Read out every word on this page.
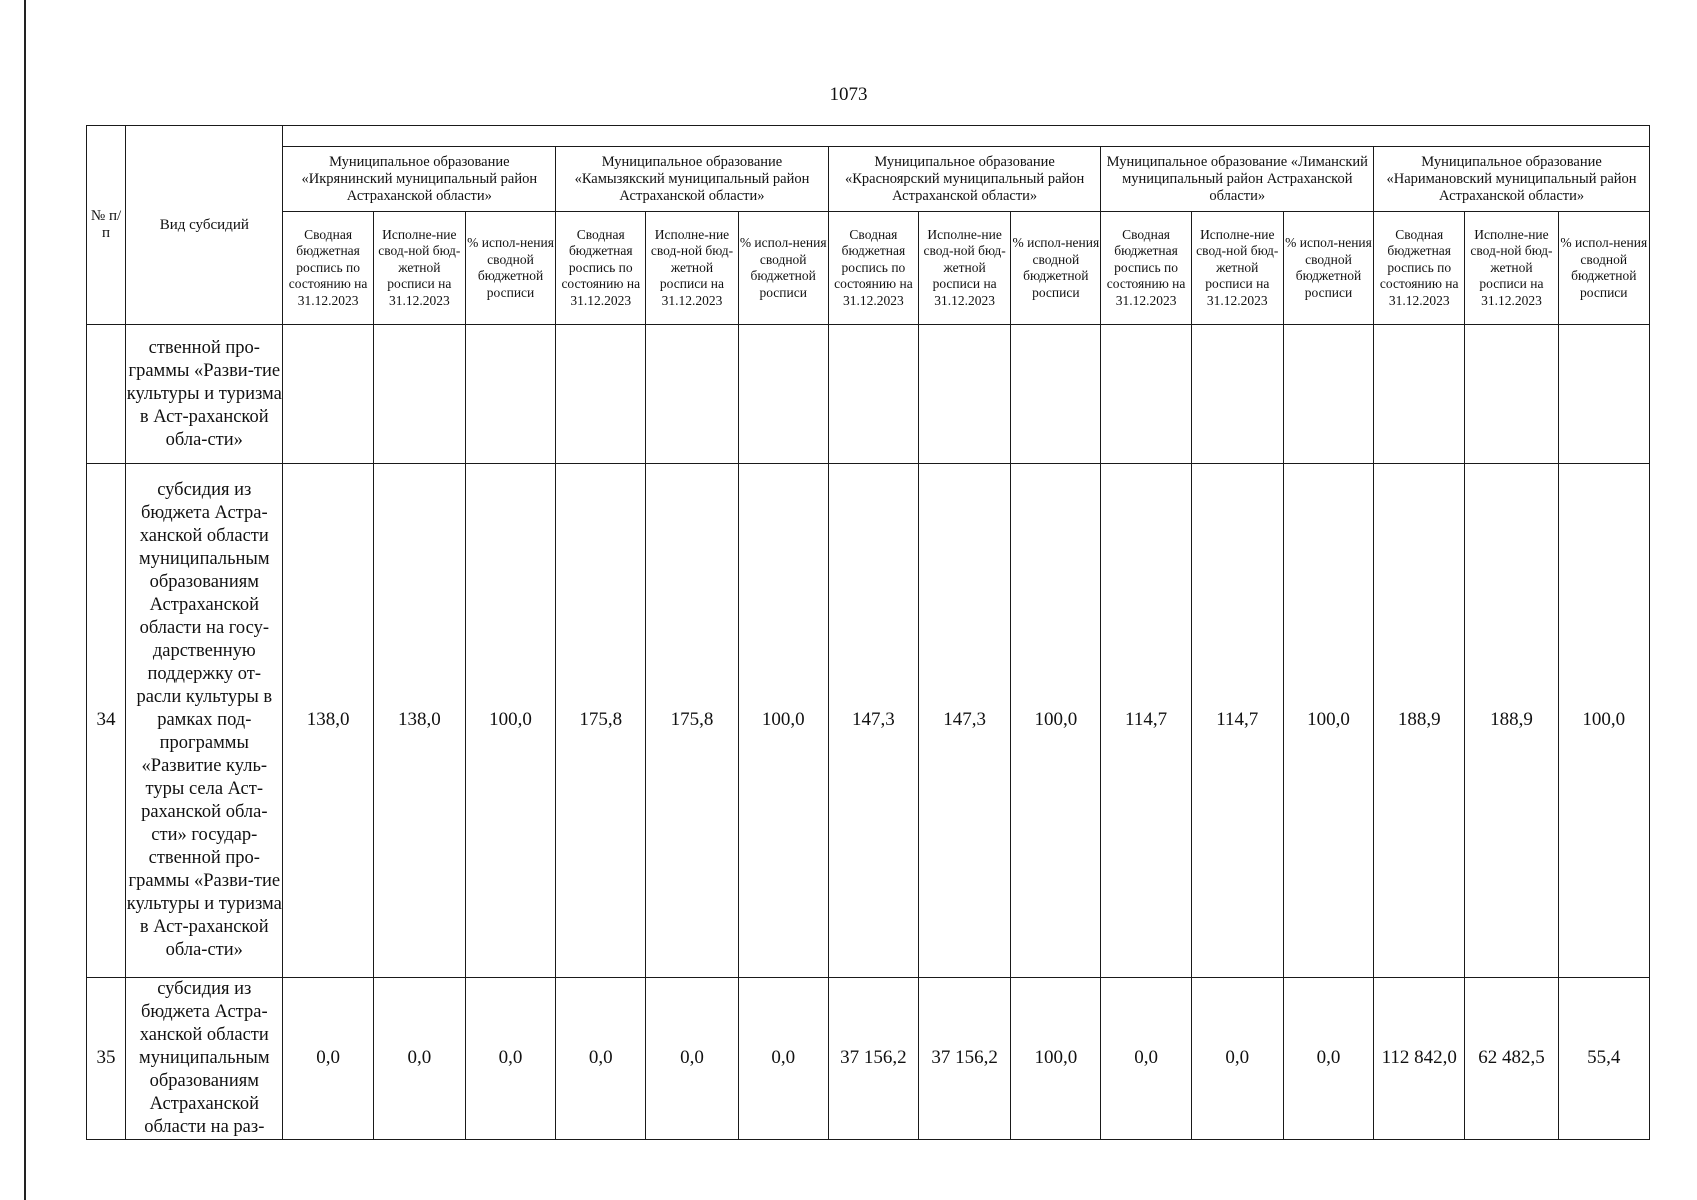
1073
№ п/п	Вид субсидий															
		Муниципальное образование «Икрянинский муниципальный район Астраханской области»			Муниципальное образование «Камызякский муниципальный район Астраханской области»			Муниципальное образование «Красноярский муниципальный район Астраханской области»			Муниципальное образование «Лиманский муниципальный район Астраханской области»			Муниципальное образование «Наримановский муниципальный район Астраханской области»		
		Сводная бюджетная роспись по состоянию на 31.12.2023	Исполне-ние свод-ной бюд-жетной росписи на 31.12.2023	% испол-нения сводной бюджетной росписи	Сводная бюджетная роспись по состоянию на 31.12.2023	Исполне-ние свод-ной бюд-жетной росписи на 31.12.2023	% испол-нения сводной бюджетной росписи	Сводная бюджетная роспись по состоянию на 31.12.2023	Исполне-ние свод-ной бюд-жетной росписи на 31.12.2023	% испол-нения сводной бюджетной росписи	Сводная бюджетная роспись по состоянию на 31.12.2023	Исполне-ние свод-ной бюд-жетной росписи на 31.12.2023	% испол-нения сводной бюджетной росписи	Сводная бюджетная роспись по состоянию на 31.12.2023	Исполне-ние свод-ной бюд-жетной росписи на 31.12.2023	% испол-нения сводной бюджетной росписи
	ственной про-граммы «Разви-тие культуры и туризма в Аст-раханской обла-сти»															
34	субсидия из бюджета Астра-ханской области муниципальным образованиям Астраханской области на госу-дарственную поддержку от-расли культуры в рамках под-программы «Развитие куль-туры села Аст-раханской обла-сти» государ-ственной про-граммы «Разви-тие культуры и туризма в Аст-раханской обла-сти»	138,0	138,0	100,0	175,8	175,8	100,0	147,3	147,3	100,0	114,7	114,7	100,0	188,9	188,9	100,0
35	субсидия из бюджета Астра-ханской области муниципальным образованиям Астраханской области на раз-	0,0	0,0	0,0	0,0	0,0	0,0	37 156,2	37 156,2	100,0	0,0	0,0	0,0	112 842,0	62 482,5	55,4
